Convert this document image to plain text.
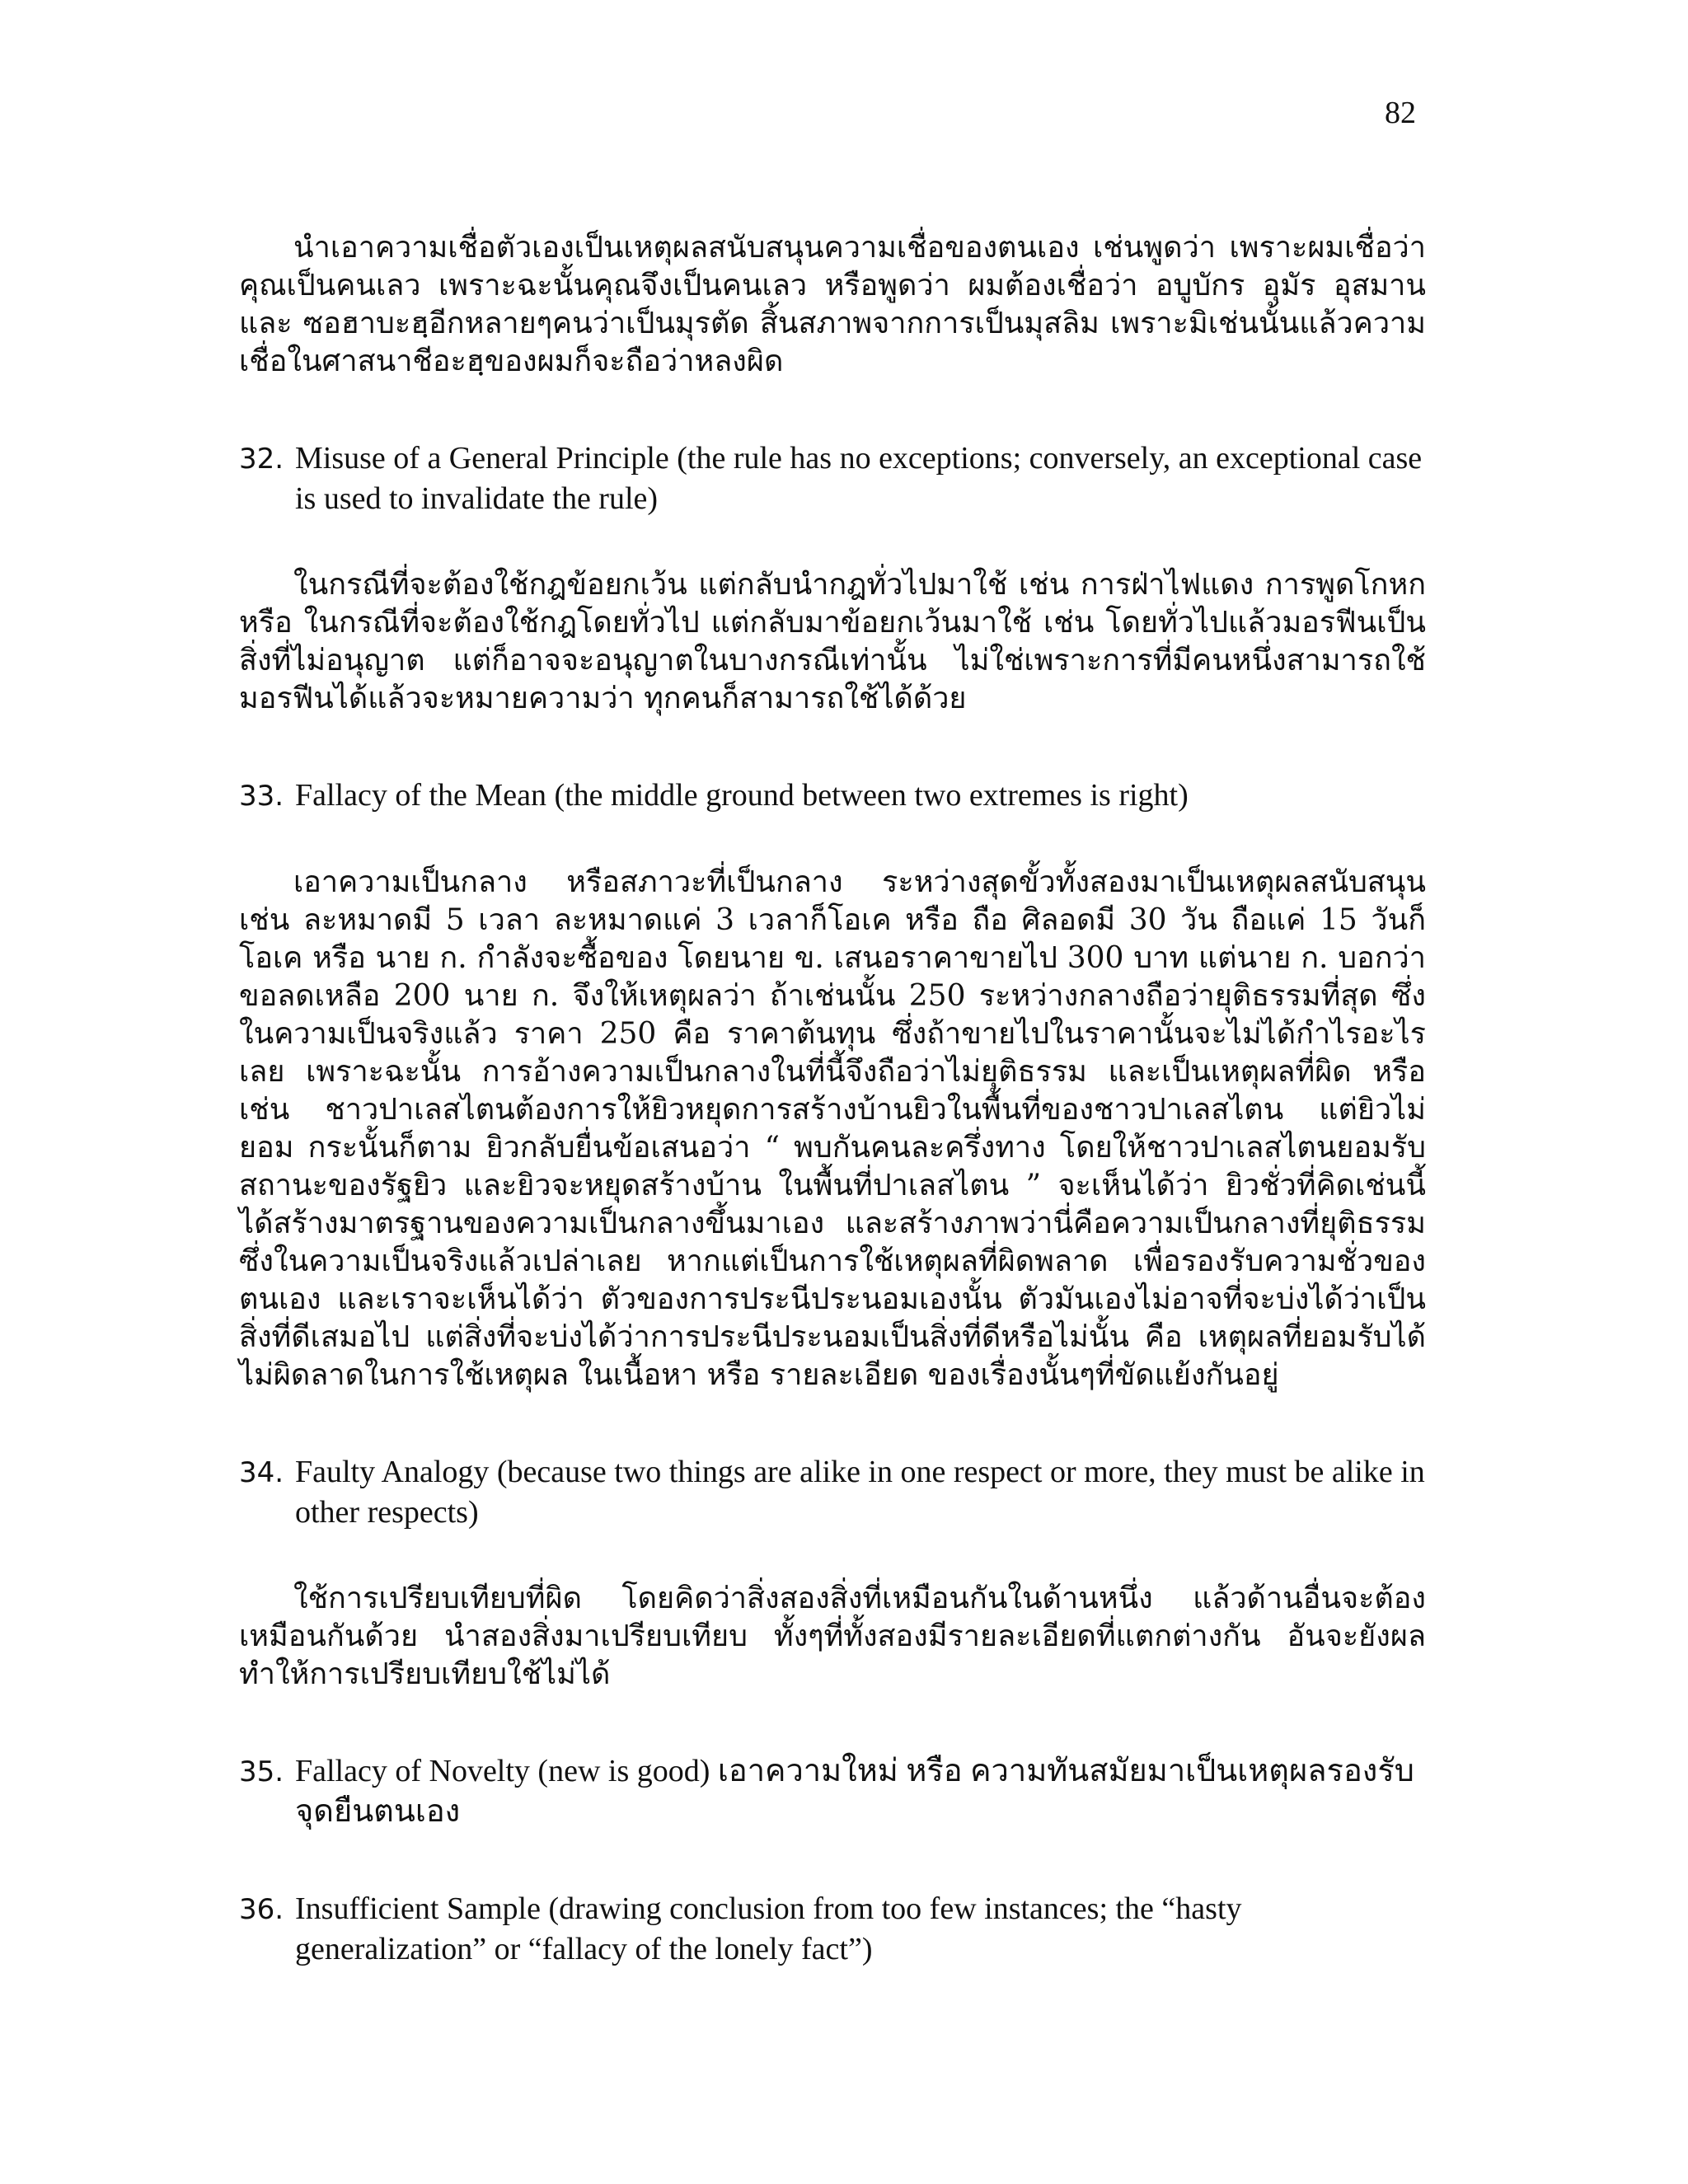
82

นำเอาความเชื่อตัวเองเป็นเหตุผลสนับสนุนความเชื่อของตนเอง เช่นพูดว่า เพราะผมเชื่อว่าคุณเป็นคนเลว เพราะฉะนั้นคุณจึงเป็นคนเลว หรือพูดว่า ผมต้องเชื่อว่า อบูบักร อุมัร อุสมาน และ ซอฮาบะฮฺอีกหลายๆคนว่าเป็นมุรตัด สิ้นสภาพจากการเป็นมุสลิม เพราะมิเช่นนั้นแล้วความเชื่อในศาสนาชีอะฮฺของผมก็จะถือว่าหลงผิด

32. Misuse of a General Principle (the rule has no exceptions; conversely, an exceptional case is used to invalidate the rule)

ในกรณีที่จะต้องใช้กฎข้อยกเว้น แต่กลับนำกฎทั่วไปมาใช้ เช่น การฝ่าไฟแดง การพูดโกหก หรือ ในกรณีที่จะต้องใช้กฎโดยทั่วไป แต่กลับมาข้อยกเว้นมาใช้ เช่น โดยทั่วไปแล้วมอรฟีนเป็นสิ่งที่ไม่อนุญาต แต่ก็อาจจะอนุญาตในบางกรณีเท่านั้น ไม่ใช่เพราะการที่มีคนหนึ่งสามารถใช้มอรฟีนได้แล้วจะหมายความว่า ทุกคนก็สามารถใช้ได้ด้วย

33. Fallacy of the Mean (the middle ground between two extremes is right)

เอาความเป็นกลาง หรือสภาวะที่เป็นกลาง ระหว่างสุดขั้วทั้งสองมาเป็นเหตุผลสนับสนุน เช่น ละหมาดมี 5 เวลา ละหมาดแค่ 3 เวลาก็โอเค หรือ ถือ ศิลอดมี 30 วัน ถือแค่ 15 วันก็โอเค หรือ นาย ก. กำลังจะซื้อของ โดยนาย ข. เสนอราคาขายไป 300 บาท แต่นาย ก. บอกว่า ขอลดเหลือ 200 นาย ก. จึงให้เหตุผลว่า ถ้าเช่นนั้น 250 ระหว่างกลางถือว่ายุติธรรมที่สุด ซึ่งในความเป็นจริงแล้ว ราคา 250 คือ ราคาต้นทุน ซึ่งถ้าขายไปในราคานั้นจะไม่ได้กำไรอะไรเลย เพราะฉะนั้น การอ้างความเป็นกลางในที่นี้จึงถือว่าไม่ยุติธรรม และเป็นเหตุผลที่ผิด หรือ เช่น ชาวปาเลสไตนต้องการให้ยิวหยุดการสร้างบ้านยิวในพื้นที่ของชาวปาเลสไตน แต่ยิวไม่ยอม กระนั้นก็ตาม ยิวกลับยื่นข้อเสนอว่า “ พบกันคนละครึ่งทาง โดยให้ชาวปาเลสไตนยอมรับสถานะของรัฐยิว และยิวจะหยุดสร้างบ้าน ในพื้นที่ปาเลสไตน ” จะเห็นได้ว่า ยิวชั่วที่คิดเช่นนี้ ได้สร้างมาตรฐานของความเป็นกลางขึ้นมาเอง และสร้างภาพว่านี่คือความเป็นกลางที่ยุติธรรม ซึ่งในความเป็นจริงแล้วเปล่าเลย หากแต่เป็นการใช้เหตุผลที่ผิดพลาด เพื่อรองรับความชั่วของตนเอง และเราจะเห็นได้ว่า ตัวของการประนีประนอมเองนั้น ตัวมันเองไม่อาจที่จะบ่งได้ว่าเป็นสิ่งที่ดีเสมอไป แต่สิ่งที่จะบ่งได้ว่าการประนีประนอมเป็นสิ่งที่ดีหรือไม่นั้น คือ เหตุผลที่ยอมรับได้ ไม่ผิดลาดในการใช้เหตุผล ในเนื้อหา หรือ รายละเอียด ของเรื่องนั้นๆที่ขัดแย้งกันอยู่

34. Faulty Analogy (because two things are alike in one respect or more, they must be alike in other respects)

ใช้การเปรียบเทียบที่ผิด โดยคิดว่าสิ่งสองสิ่งที่เหมือนกันในด้านหนึ่ง แล้วด้านอื่นจะต้องเหมือนกันด้วย นำสองสิ่งมาเปรียบเทียบ ทั้งๆที่ทั้งสองมีรายละเอียดที่แตกต่างกัน อันจะยังผลทำให้การเปรียบเทียบใช้ไม่ได้

35. Fallacy of Novelty (new is good) เอาความใหม่ หรือ ความทันสมัยมาเป็นเหตุผลรองรับจุดยืนตนเอง

36. Insufficient Sample (drawing conclusion from too few instances; the “hasty generalization” or “fallacy of the lonely fact”)
